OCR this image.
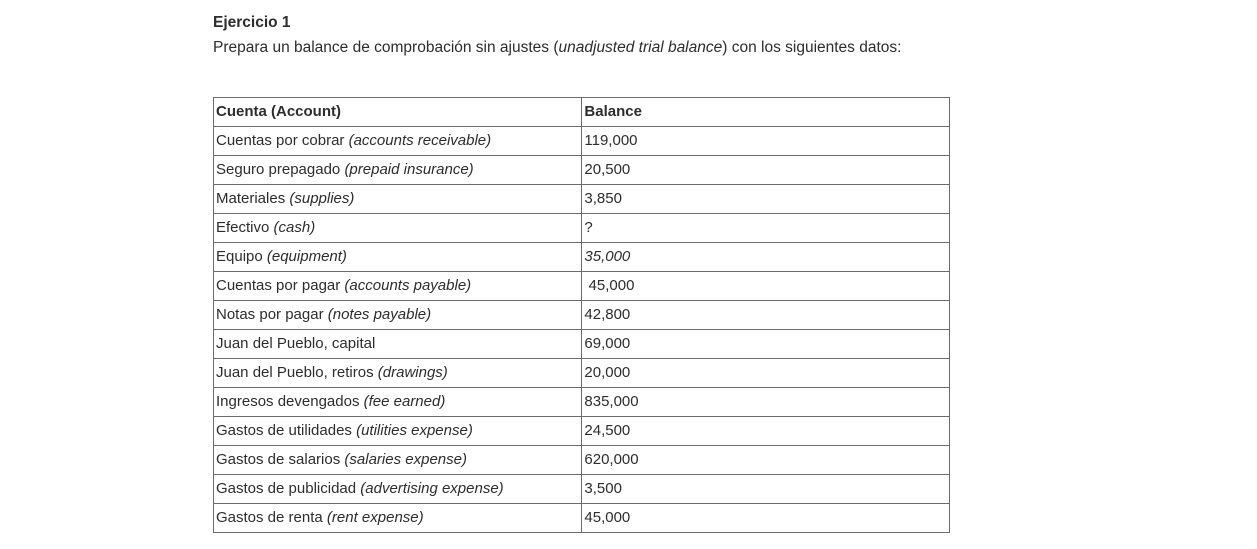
Ejercicio 1

Prepara un balance de comprobación sin ajustes (unadjusted trial balance) con los siguientes datos:

Cuenta (Account)	Balance
Cuentas por cobrar (accounts receivable)	119,000
Seguro prepagado (prepaid insurance)	20,500
Materiales (supplies)	3,850
Efectivo (cash)	?
Equipo (equipment)	35,000
Cuentas por pagar (accounts payable)	45,000
Notas por pagar (notes payable)	42,800
Juan del Pueblo, capital	69,000
Juan del Pueblo, retiros (drawings)	20,000
Ingresos devengados (fee earned)	835,000
Gastos de utilidades (utilities expense)	24,500
Gastos de salarios (salaries expense)	620,000
Gastos de publicidad (advertising expense)	3,500
Gastos de renta (rent expense)	45,000
